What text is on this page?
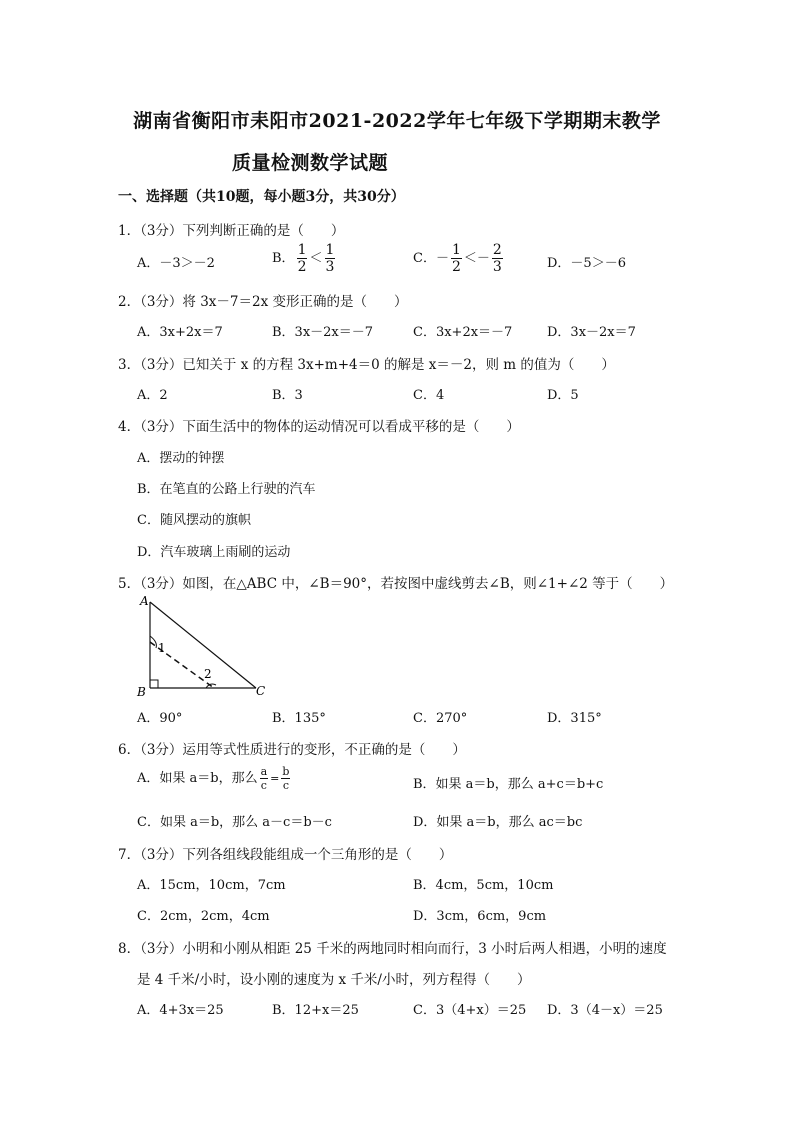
湖南省衡阳市耒阳市2021-2022学年七年级下学期期末教学
质量检测数学试题
一、选择题（共10题，每小题3分，共30分）
1．（3分）下列判断正确的是（　　）
A．－3＞－2	B． $\frac{1}{2} < \frac{1}{3}$	C．－ $\frac{1}{2} <- \frac{2}{3}$	D．－5＞－6
2．（3分）将 3x－7＝2x 变形正确的是（　　）
A．3x+2x＝7	B．3x－2x＝－7	C．3x+2x＝－7	D．3x－2x＝7
3．（3分）已知关于 x 的方程 3x+m+4＝0 的解是 x＝－2，则 m 的值为（　　）
A．2	B．3	C．4	D．5
4．（3分）下面生活中的物体的运动情况可以看成平移的是（　　）
A．摆动的钟摆
B．在笔直的公路上行驶的汽车
C．随风摆动的旗帜
D．汽车玻璃上雨刷的运动
5．（3分）如图，在△ABC 中，∠B＝90°，若按图中虚线剪去∠B，则∠1+∠2 等于（　　）
A
B	C
1
2
A．90°	B．135°	C．270°	D．315°
6．（3分）运用等式性质进行的变形，不正确的是（　　）
A．如果 a＝b，那么 $\frac{a}{c} = \frac{b}{c}$	B．如果 a＝b，那么 a+c＝b+c
C．如果 a＝b，那么 a－c＝b－c	D．如果 a＝b，那么 ac＝bc
7．（3分）下列各组线段能组成一个三角形的是（　　）
A．15cm，10cm，7cm	B．4cm，5cm，10cm
C．2cm，2cm，4cm	D．3cm，6cm，9cm
8．（3分）小明和小刚从相距 25 千米的两地同时相向而行，3 小时后两人相遇，小明的速度
是 4 千米/小时，设小刚的速度为 x 千米/小时，列方程得（　　）
A．4+3x＝25	B．12+x＝25	C．3（4+x）＝25 D．3（4－x）＝25
